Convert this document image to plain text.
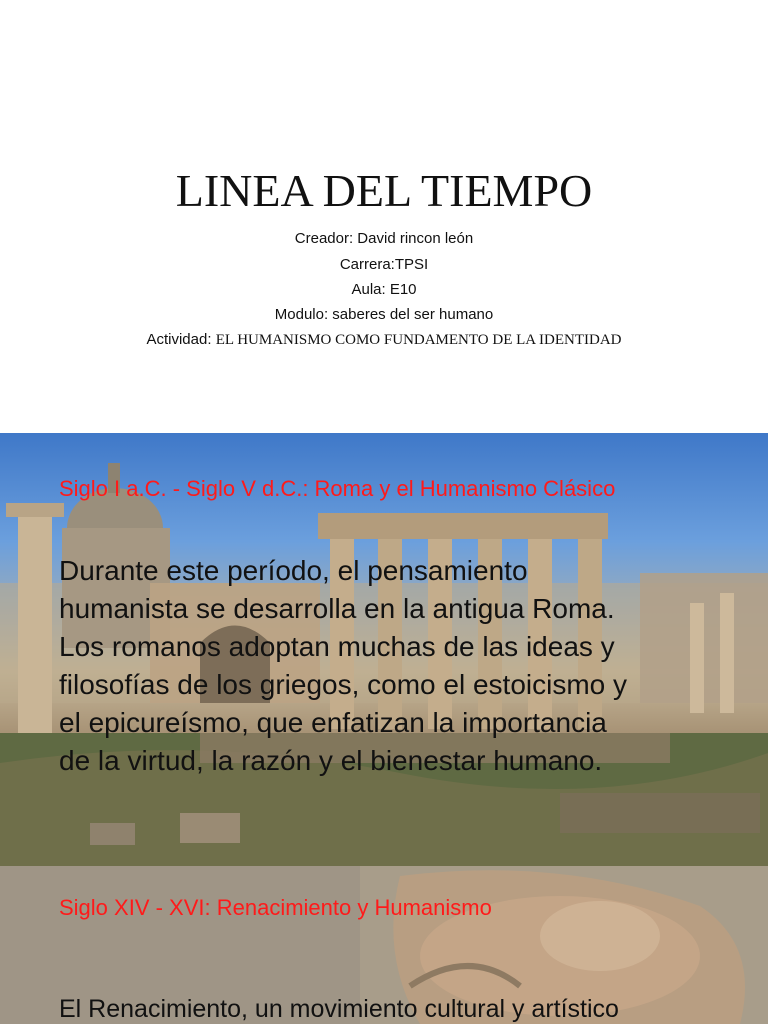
LINEA DEL TIEMPO
Creador: David rincon león
Carrera:TPSI
Aula: E10
Modulo: saberes del ser humano
Actividad: EL HUMANISMO COMO FUNDAMENTO DE LA IDENTIDAD
Siglo I a.C. - Siglo V d.C.: Roma y el Humanismo Clásico
Durante este período, el pensamiento
humanista se desarrolla en la antigua Roma.
Los romanos adoptan muchas de las ideas y
filosofías de los griegos, como el estoicismo y
el epicureísmo, que enfatizan la importancia
de la virtud, la razón y el bienestar humano.
Siglo XIV - XVI: Renacimiento y Humanismo
El Renacimiento, un movimiento cultural y artístico
